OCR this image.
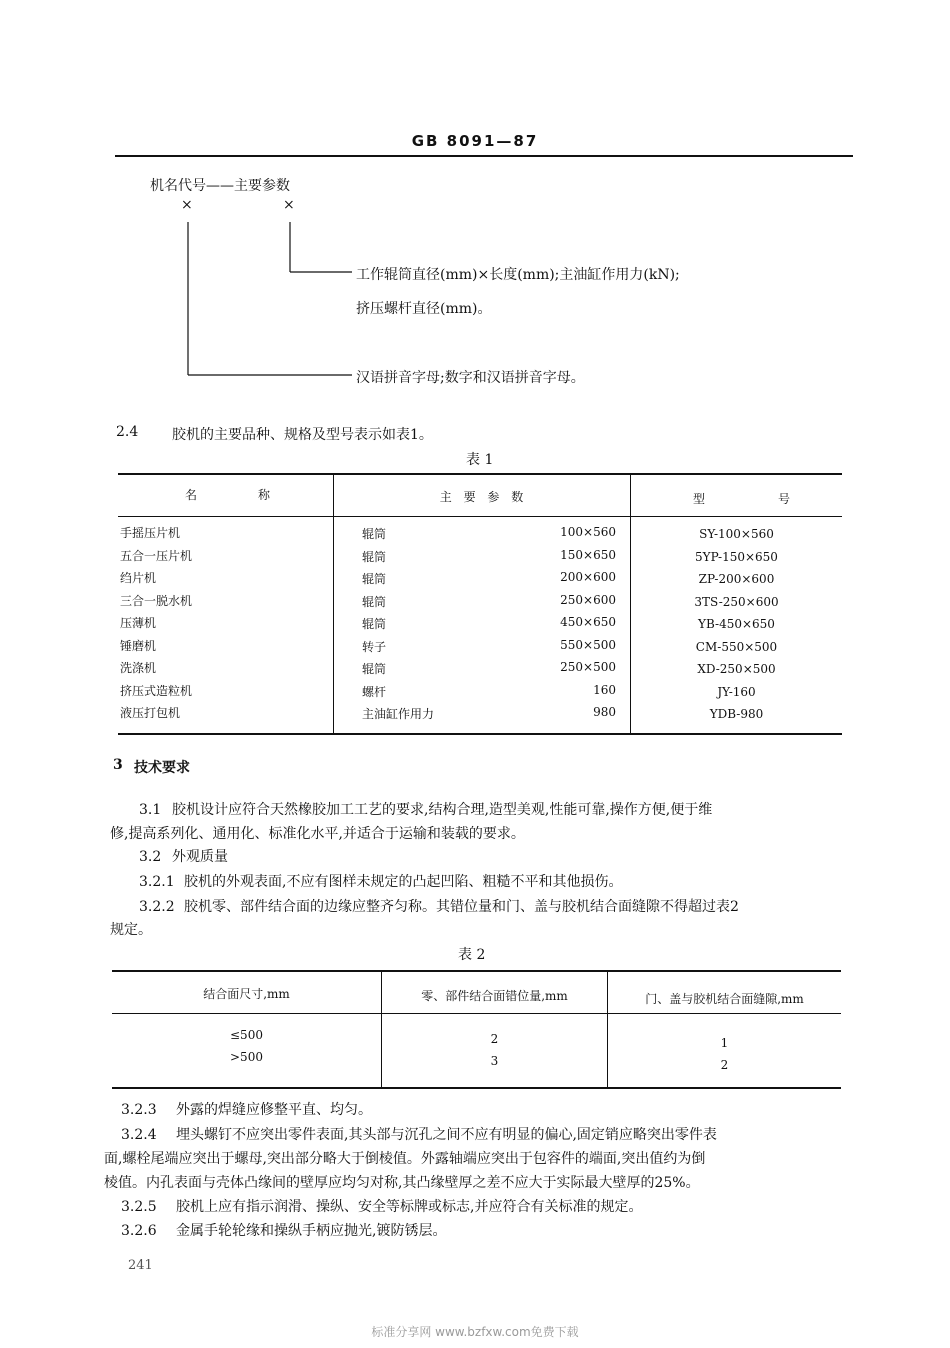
GB 8091—87
机名代号——主要参数
×	×
工作辊筒直径(mm)×长度(mm);主油缸作用力(kN);
挤压螺杆直径(mm)。
汉语拼音字母;数字和汉语拼音字母。
2.4 胶机的主要品种、规格及型号表示如表1。
表 1
名	称	主 要 参 数	型	号
手摇压片机	辊筒	100×560	SY-100×560
五合一压片机	辊筒	150×650	5YP-150×650
绉片机	辊筒	200×600	ZP-200×600
三合一脱水机	辊筒	250×600	3TS-250×600
压薄机	辊筒	450×650	YB-450×650
锤磨机	转子	550×500	CM-550×500
洗涤机	辊筒	250×500	XD-250×500
挤压式造粒机	螺杆	160	JY-160
液压打包机	主油缸作用力	980	YDB-980
3 技术要求
3.1 胶机设计应符合天然橡胶加工工艺的要求,结构合理,造型美观,性能可靠,操作方便,便于维
修,提高系列化、通用化、标准化水平,并适合于运输和装载的要求。
3.2 外观质量
3.2.1 胶机的外观表面,不应有图样未规定的凸起凹陷、粗糙不平和其他损伤。
3.2.2 胶机零、部件结合面的边缘应整齐匀称。其错位量和门、盖与胶机结合面缝隙不得超过表2
规定。
表 2
结合面尺寸,mm	零、部件结合面错位量,mm	门、盖与胶机结合面缝隙,mm
≤500	2	1
>500	3	2
3.2.3 外露的焊缝应修整平直、均匀。
3.2.4 埋头螺钉不应突出零件表面,其头部与沉孔之间不应有明显的偏心,固定销应略突出零件表
面,螺栓尾端应突出于螺母,突出部分略大于倒棱值。外露轴端应突出于包容件的端面,突出值约为倒
棱值。内孔表面与壳体凸缘间的壁厚应均匀对称,其凸缘壁厚之差不应大于实际最大壁厚的25%。
3.2.5 胶机上应有指示润滑、操纵、安全等标牌或标志,并应符合有关标准的规定。
3.2.6 金属手轮轮缘和操纵手柄应抛光,镀防锈层。
241
标准分享网 www.bzfxw.com免费下载
